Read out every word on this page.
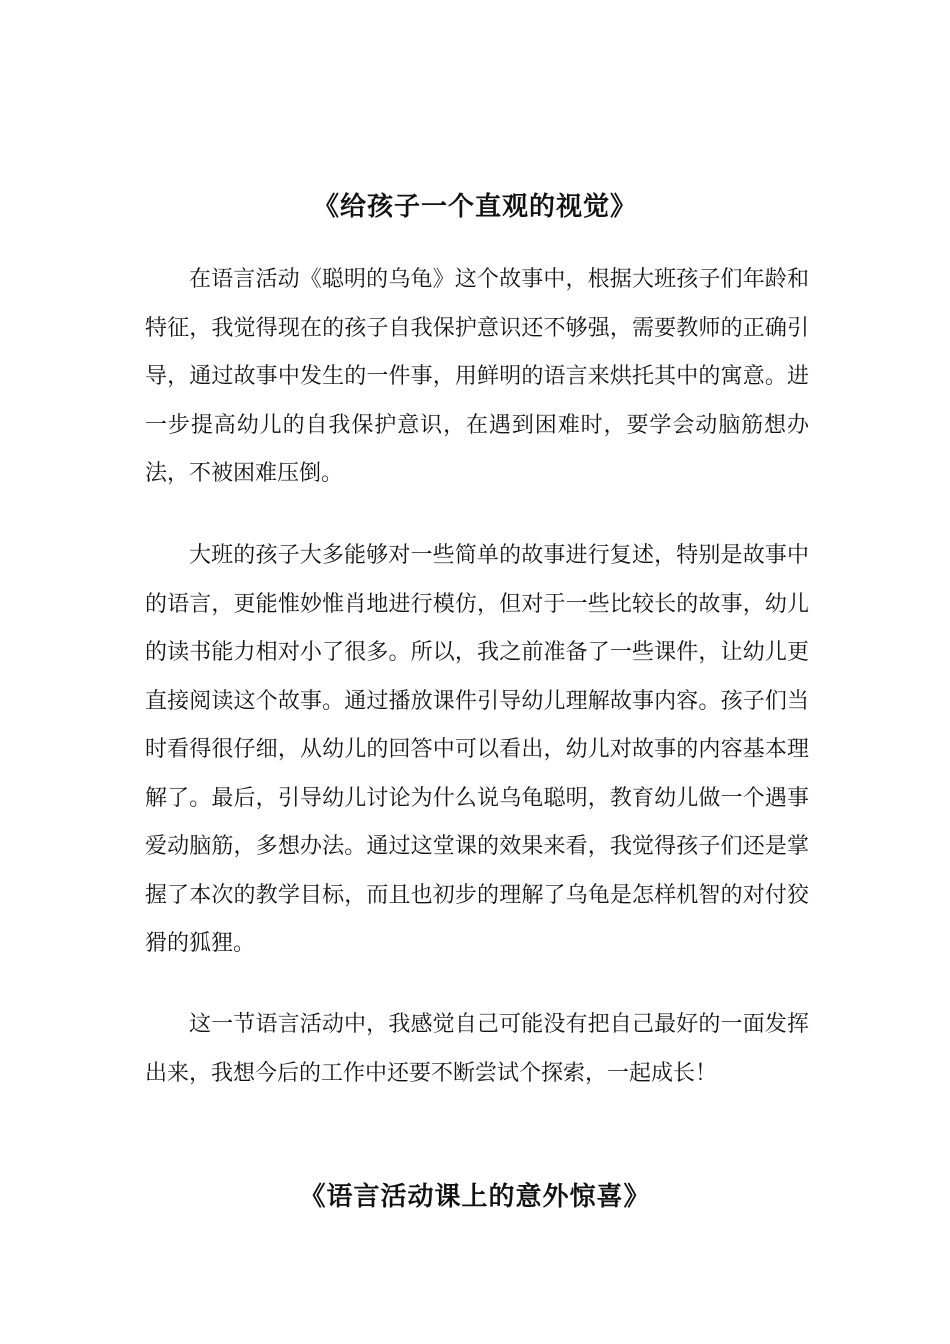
《给孩子一个直观的视觉》

在语言活动《聪明的乌龟》这个故事中，根据大班孩子们年龄和特征，我觉得现在的孩子自我保护意识还不够强，需要教师的正确引导，通过故事中发生的一件事，用鲜明的语言来烘托其中的寓意。进一步提高幼儿的自我保护意识，在遇到困难时，要学会动脑筋想办法，不被困难压倒。

大班的孩子大多能够对一些简单的故事进行复述，特别是故事中的语言，更能惟妙惟肖地进行模仿，但对于一些比较长的故事，幼儿的读书能力相对小了很多。所以，我之前准备了一些课件，让幼儿更直接阅读这个故事。通过播放课件引导幼儿理解故事内容。孩子们当时看得很仔细，从幼儿的回答中可以看出，幼儿对故事的内容基本理解了。最后，引导幼儿讨论为什么说乌龟聪明，教育幼儿做一个遇事爱动脑筋，多想办法。通过这堂课的效果来看，我觉得孩子们还是掌握了本次的教学目标，而且也初步的理解了乌龟是怎样机智的对付狡猾的狐狸。

这一节语言活动中，我感觉自己可能没有把自己最好的一面发挥出来，我想今后的工作中还要不断尝试个探索，一起成长！

《语言活动课上的意外惊喜》
